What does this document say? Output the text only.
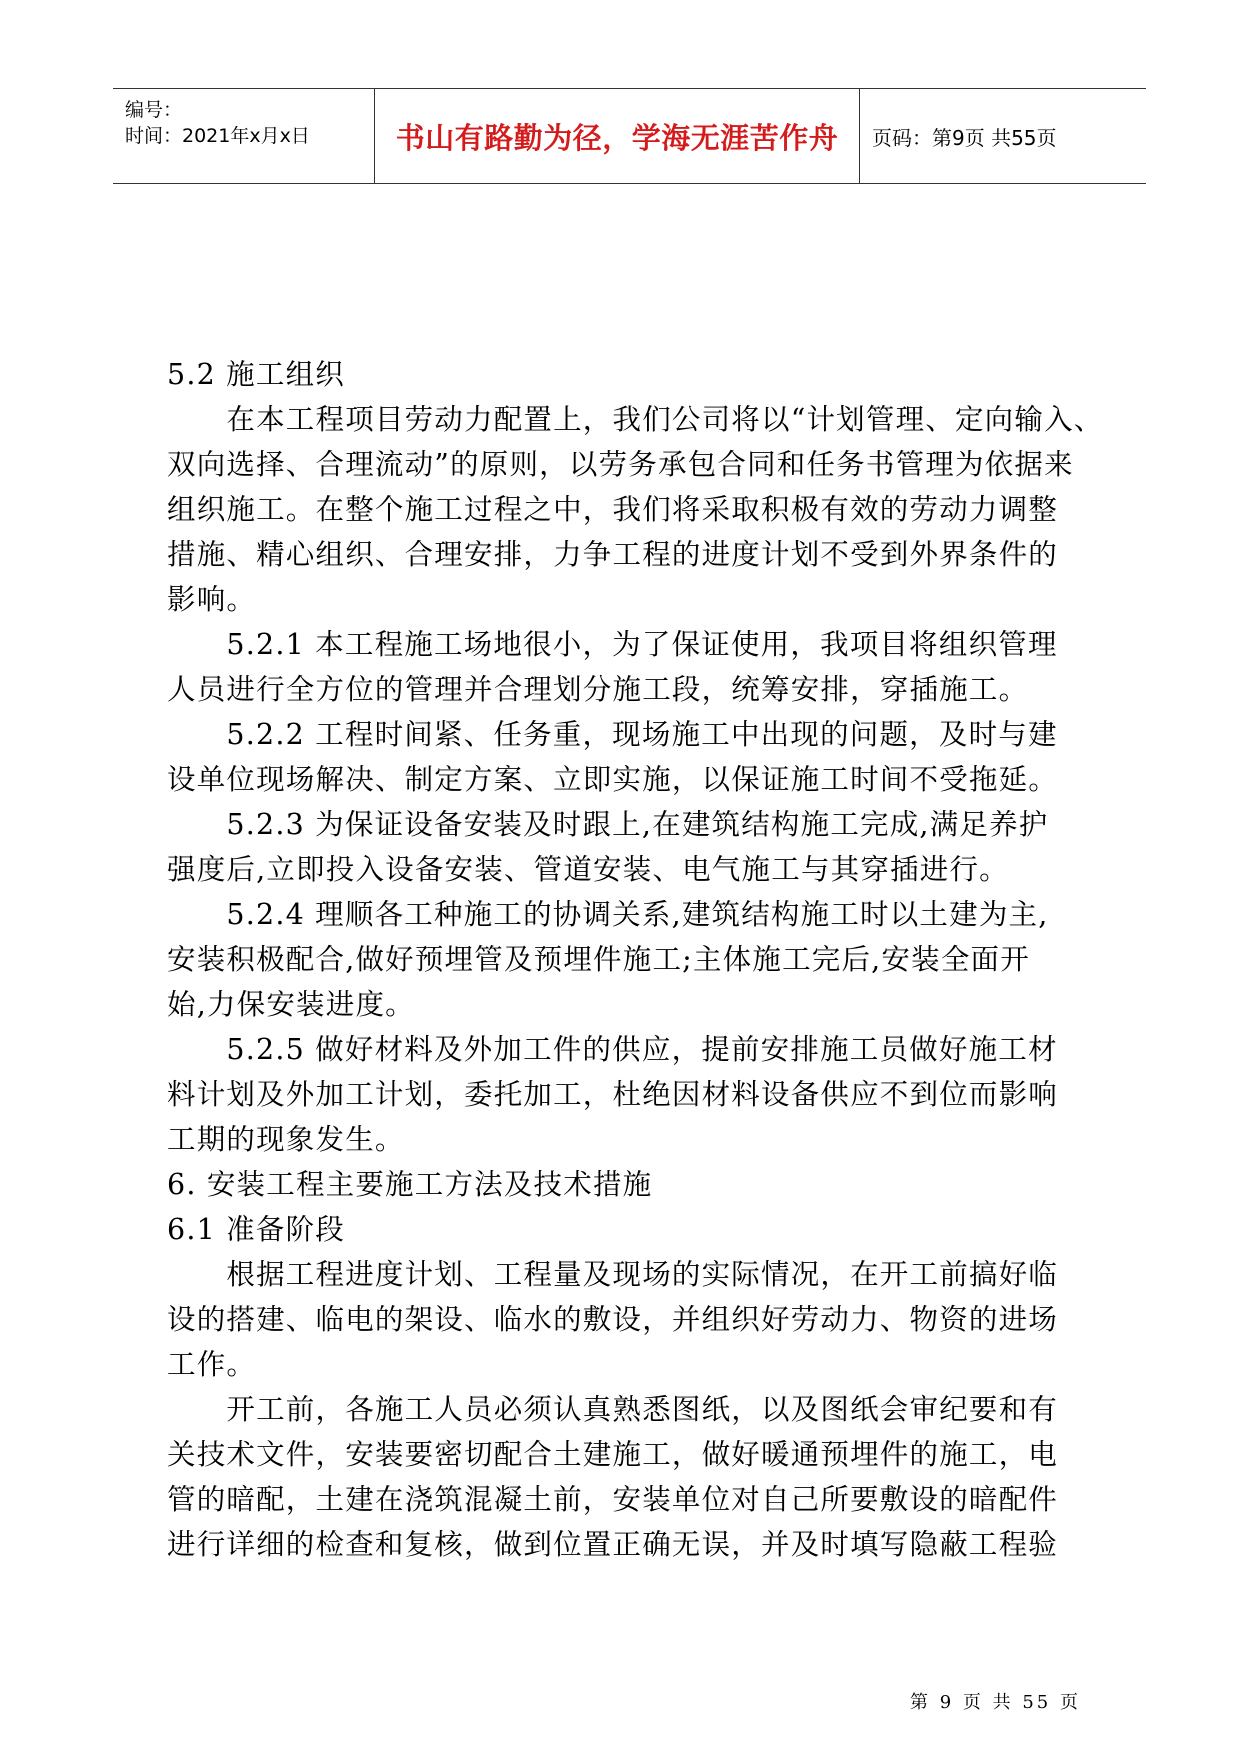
编号：
时间：2021年x月x日	书山有路勤为径，学海无涯苦作舟 页码：第9页 共55页
5.2 施工组织
　　在本工程项目劳动力配置上，我们公司将以“计划管理、定向输入、
双向选择、合理流动”的原则，以劳务承包合同和任务书管理为依据来
组织施工。在整个施工过程之中，我们将采取积极有效的劳动力调整
措施、精心组织、合理安排，力争工程的进度计划不受到外界条件的
影响。
　　5.2.1 本工程施工场地很小，为了保证使用，我项目将组织管理
人员进行全方位的管理并合理划分施工段，统筹安排，穿插施工。
　　5.2.2 工程时间紧、任务重，现场施工中出现的问题，及时与建
设单位现场解决、制定方案、立即实施，以保证施工时间不受拖延。
　　5.2.3 为保证设备安装及时跟上,在建筑结构施工完成,满足养护
强度后,立即投入设备安装、管道安装、电气施工与其穿插进行。
　　5.2.4 理顺各工种施工的协调关系,建筑结构施工时以土建为主,
安装积极配合,做好预埋管及预埋件施工;主体施工完后,安装全面开
始,力保安装进度。
　　5.2.5 做好材料及外加工件的供应，提前安排施工员做好施工材
料计划及外加工计划，委托加工，杜绝因材料设备供应不到位而影响
工期的现象发生。
6. 安装工程主要施工方法及技术措施
6.1 准备阶段
　　根据工程进度计划、工程量及现场的实际情况，在开工前搞好临
设的搭建、临电的架设、临水的敷设，并组织好劳动力、物资的进场
工作。
　　开工前，各施工人员必须认真熟悉图纸，以及图纸会审纪要和有
关技术文件，安装要密切配合土建施工，做好暖通预埋件的施工，电
管的暗配，土建在浇筑混凝土前，安装单位对自己所要敷设的暗配件
进行详细的检查和复核，做到位置正确无误，并及时填写隐蔽工程验
第 9 页 共 55 页
